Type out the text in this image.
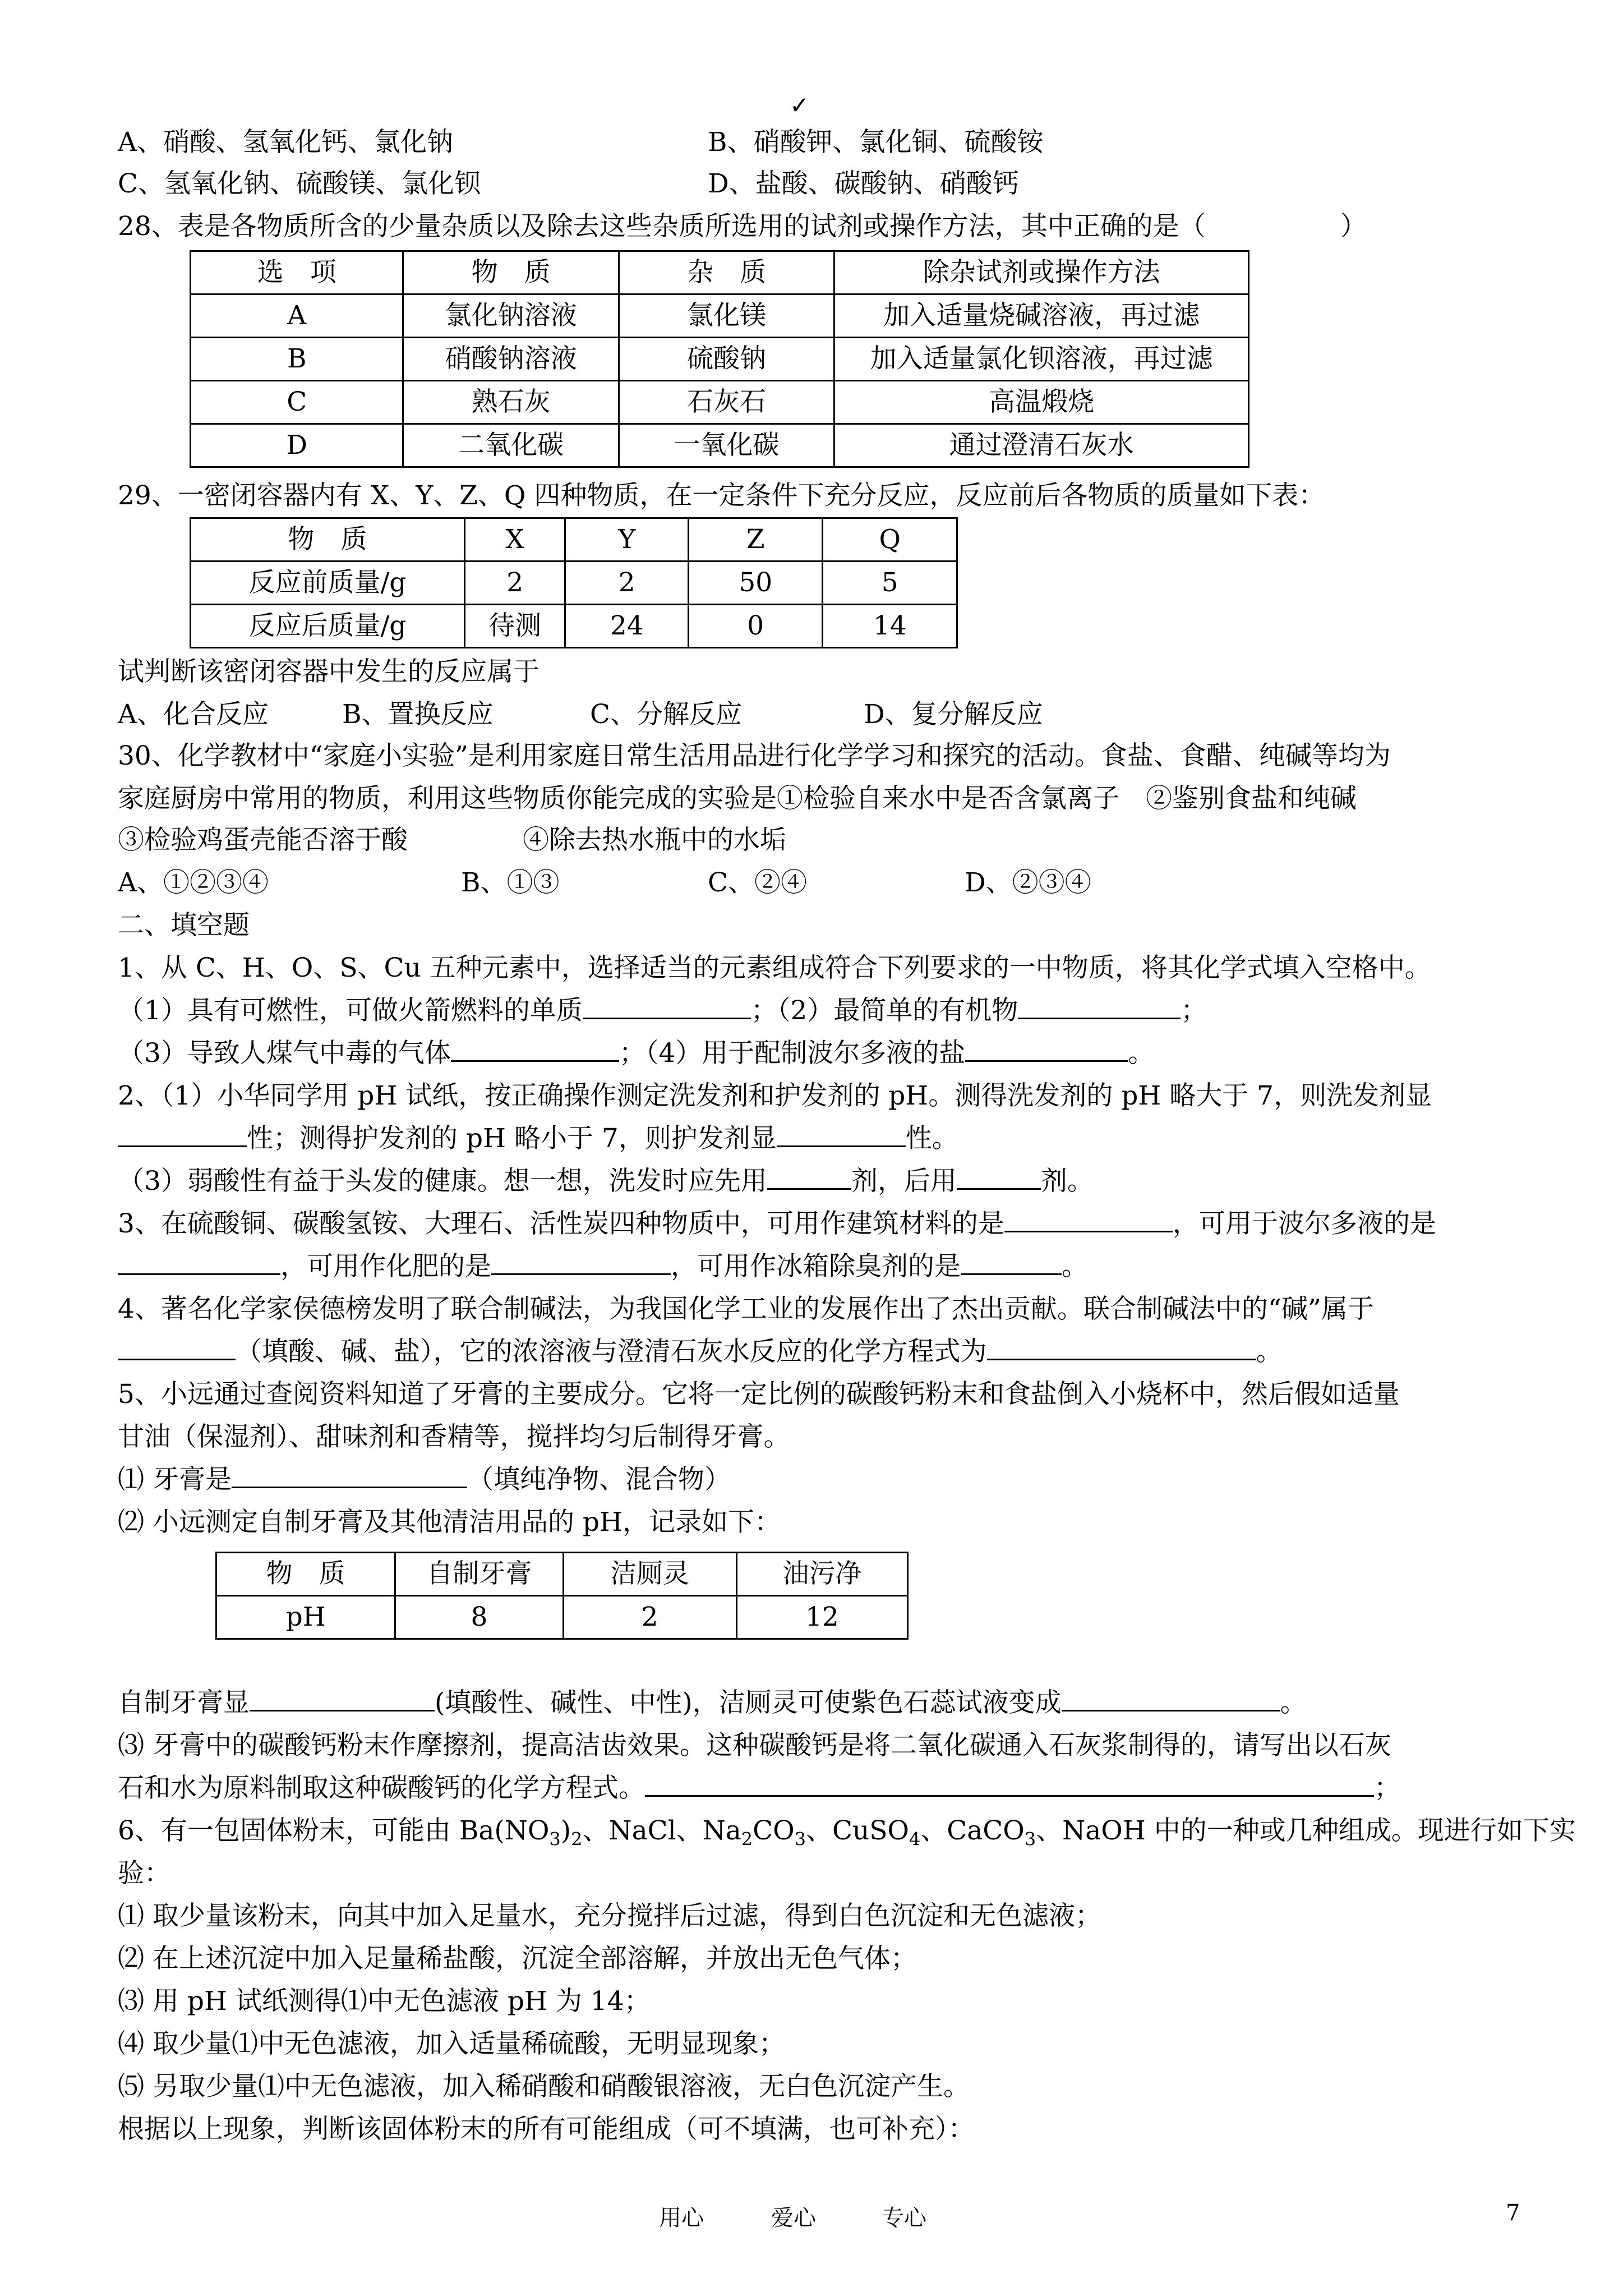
✓
A、硝酸、氢氧化钙、氯化钠	B、硝酸钾、氯化铜、硫酸铵
C、氢氧化钠、硫酸镁、氯化钡	D、盐酸、碳酸钠、硝酸钙
28、表是各物质所含的少量杂质以及除去这些杂质所选用的试剂或操作方法，其中正确的是（	）
选　项	物　质	杂　质	除杂试剂或操作方法
A	氯化钠溶液	氯化镁	加入适量烧碱溶液，再过滤
B	硝酸钠溶液	硫酸钠	加入适量氯化钡溶液，再过滤
C	熟石灰	石灰石	高温煅烧
D	二氧化碳	一氧化碳	通过澄清石灰水
29、一密闭容器内有 X、Y、Z、Q 四种物质，在一定条件下充分反应，反应前后各物质的质量如下表：
物　质	X	Y	Z	Q
反应前质量/g	2	2	50	5
反应后质量/g	待测	24	0	14
试判断该密闭容器中发生的反应属于
A、化合反应	B、置换反应	C、分解反应	D、复分解反应
30、化学教材中“家庭小实验”是利用家庭日常生活用品进行化学学习和探究的活动。食盐、食醋、纯碱等均为
家庭厨房中常用的物质，利用这些物质你能完成的实验是①检验自来水中是否含氯离子　②鉴别食盐和纯碱
③检验鸡蛋壳能否溶于酸	④除去热水瓶中的水垢
A、①②③④	B、①③	C、②④	D、②③④
二、填空题
1、从 C、H、O、S、Cu 五种元素中，选择适当的元素组成符合下列要求的一中物质，将其化学式填入空格中。
（1）具有可燃性，可做火箭燃料的单质	；（2）最简单的有机物	；
（3）导致人煤气中毒的气体	；（4）用于配制波尔多液的盐	。
2、（1）小华同学用 pH 试纸，按正确操作测定洗发剂和护发剂的 pH。测得洗发剂的 pH 略大于 7，则洗发剂显
性；测得护发剂的 pH 略小于 7，则护发剂显	性。
（3）弱酸性有益于头发的健康。想一想，洗发时应先用	剂，后用	剂。
3、在硫酸铜、碳酸氢铵、大理石、活性炭四种物质中，可用作建筑材料的是	，可用于波尔多液的是
，可用作化肥的是	，可用作冰箱除臭剂的是	。
4、著名化学家侯德榜发明了联合制碱法，为我国化学工业的发展作出了杰出贡献。联合制碱法中的“碱”属于
（填酸、碱、盐），它的浓溶液与澄清石灰水反应的化学方程式为	。
5、小远通过查阅资料知道了牙膏的主要成分。它将一定比例的碳酸钙粉末和食盐倒入小烧杯中，然后假如适量
甘油（保湿剂）、甜味剂和香精等，搅拌均匀后制得牙膏。
⑴ 牙膏是	（填纯净物、混合物）
⑵ 小远测定自制牙膏及其他清洁用品的 pH，记录如下：
物　质	自制牙膏	洁厕灵	油污净
pH	8	2	12
自制牙膏显	(填酸性、碱性、中性)，洁厕灵可使紫色石蕊试液变成	。
⑶ 牙膏中的碳酸钙粉末作摩擦剂，提高洁齿效果。这种碳酸钙是将二氧化碳通入石灰浆制得的，请写出以石灰
石和水为原料制取这种碳酸钙的化学方程式。	；
6、有一包固体粉末，可能由 $Ba(NO_3)_2$、NaCl、$Na_2CO_3$、CuSO$_4$、CaCO$_3$、NaOH 中的一种或几种组成。现进行如下实
验：
⑴ 取少量该粉末，向其中加入足量水，充分搅拌后过滤，得到白色沉淀和无色滤液；
⑵ 在上述沉淀中加入足量稀盐酸，沉淀全部溶解，并放出无色气体；
⑶ 用 pH 试纸测得⑴中无色滤液 pH 为 14；
⑷ 取少量⑴中无色滤液，加入适量稀硫酸，无明显现象；
⑸ 另取少量⑴中无色滤液，加入稀硝酸和硝酸银溶液，无白色沉淀产生。
根据以上现象，判断该固体粉末的所有可能组成（可不填满，也可补充）：
用心	爱心	专心	7
